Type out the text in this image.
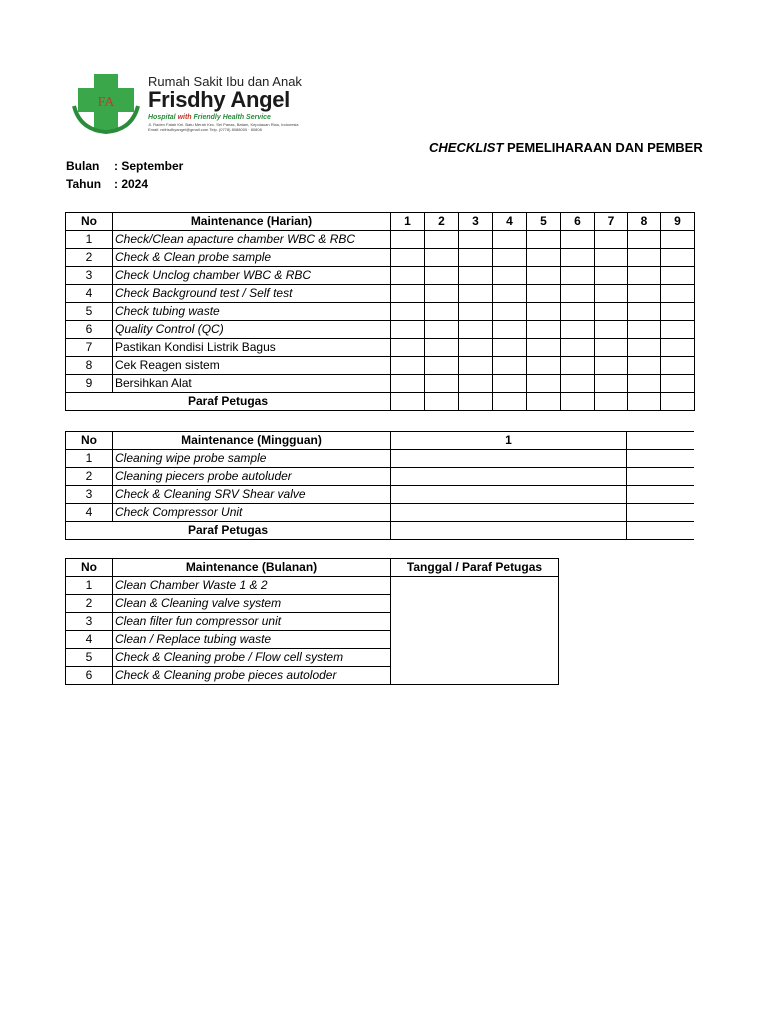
FA
Rumah Sakit Ibu dan Anak
Frisdhy Angel
Hospital with Friendly Health Service
Jl. Raden Fatah Kel. Batu Merah Kec. Sei Panas, Batam, Kepulauan Riau, Indonesia
Email: rsifrisdhyangel@gmail.com Telp. (0778) 8088000 · 80808
CHECKLIST PEMELIHARAAN DAN PEMBER
Bulan : September
Tahun : 2024
No	Maintenance (Harian)	1	2	3	4	5	6	7	8	9
1	Check/Clean apacture chamber WBC & RBC									
2	Check & Clean probe sample									
3	Check Unclog chamber WBC & RBC									
4	Check Background test / Self test									
5	Check tubing waste									
6	Quality Control (QC)									
7	Pastikan Kondisi Listrik Bagus									
8	Cek Reagen sistem									
9	Bersihkan Alat									
Paraf Petugas										
No	Maintenance (Mingguan)	1	
1	Cleaning wipe probe sample		
2	Cleaning piecers probe autoluder		
3	Check & Cleaning SRV Shear valve		
4	Check Compressor Unit		
Paraf Petugas			
No	Maintenance (Bulanan)	Tanggal / Paraf Petugas
1	Clean Chamber Waste 1 & 2	
2	Clean & Cleaning valve system	
3	Clean filter fun compressor unit	
4	Clean / Replace tubing waste	
5	Check & Cleaning probe / Flow cell system	
6	Check & Cleaning probe pieces autoloder	
